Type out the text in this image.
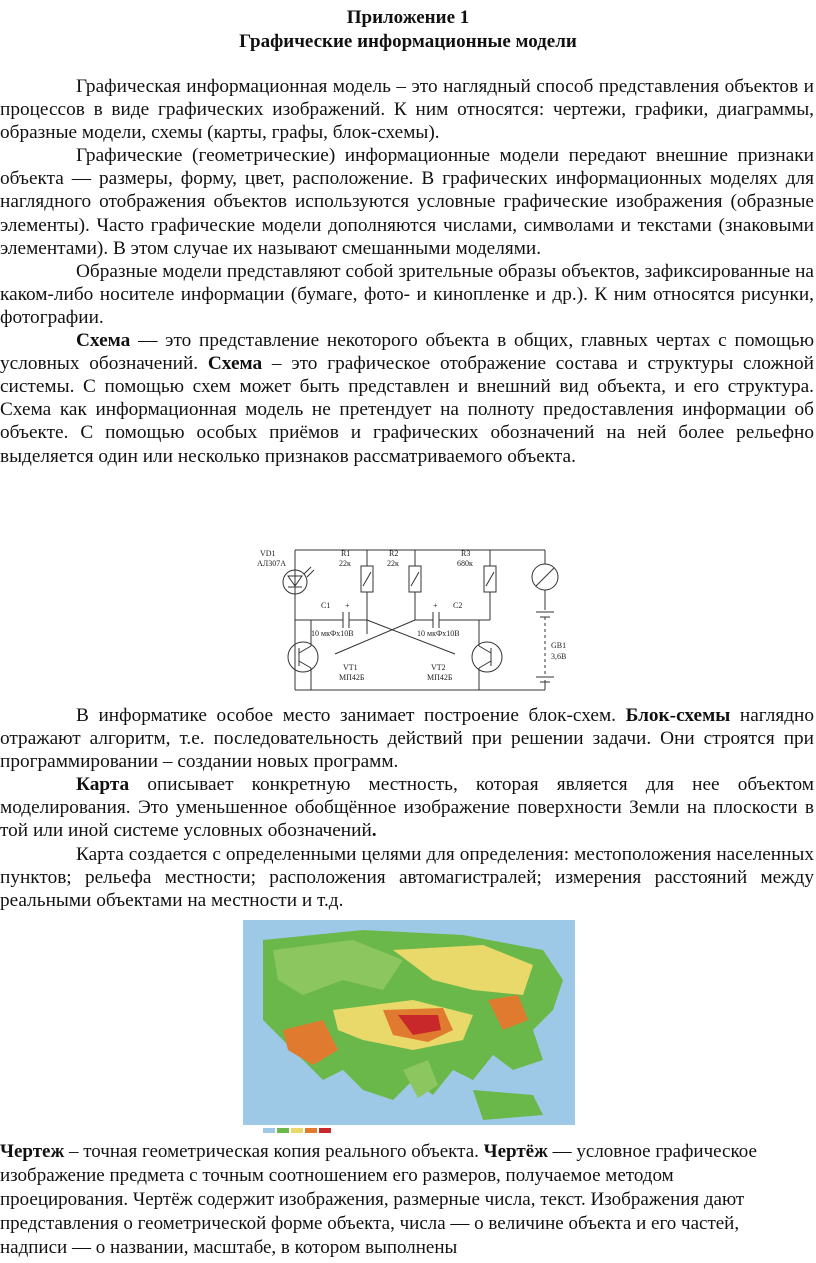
Приложение 1
Графические информационные модели

Графическая информационная модель – это наглядный способ представления объектов и процессов в виде графических изображений. К ним относятся: чертежи, графики, диаграммы, образные модели, схемы (карты, графы, блок-схемы).

Графические (геометрические) информационные модели передают внешние признаки объекта — размеры, форму, цвет, расположение. В графических информационных моделях для наглядного отображения объектов используются условные графические изображения (образные элементы). Часто графические модели дополняются числами, символами и текстами (знаковыми элементами). В этом случае их называют смешанными моделями.

Образные модели представляют собой зрительные образы объектов, зафиксированные на каком-либо носителе информации (бумаге, фото- и кинопленке и др.). К ним относятся рисунки, фотографии.

Схема — это представление некоторого объекта в общих, главных чертах с помощью условных обозначений. Схема – это графическое отображение состава и структуры сложной системы. С помощью схем может быть представлен и внешний вид объекта, и его структура. Схема как информационная модель не претендует на полноту предоставления информации об объекте. С помощью особых приёмов и графических обозначений на ней более рельефно выделяется один или несколько признаков рассматриваемого объекта.

VD1
АЛ307А
R1
22к
R2
22к
R3
680к
C1 +	+ C2
10 мкФх10В	10 мкФх10В
VT1
МП42Б
VT2
МП42Б
GB1
3,6В

В информатике особое место занимает построение блок-схем. Блок-схемы наглядно отражают алгоритм, т.е. последовательность действий при решении задачи. Они строятся при программировании – создании новых программ.

Карта описывает конкретную местность, которая является для нее объектом моделирования. Это уменьшенное обобщённое изображение поверхности Земли на плоскости в той или иной системе условных обозначений.

Карта создается с определенными целями для определения: местоположения населенных пунктов; рельефа местности; расположения автомагистралей; измерения расстояний между реальными объектами на местности и т.д.

Чертеж – точная геометрическая копия реального объекта. Чертёж — условное графическое изображение предмета с точным соотношением его размеров, получаемое методом проецирования. Чертёж содержит изображения, размерные числа, текст. Изображения дают представления о геометрической форме объекта, числа — о величине объекта и его частей, надписи — о названии, масштабе, в котором выполнены
